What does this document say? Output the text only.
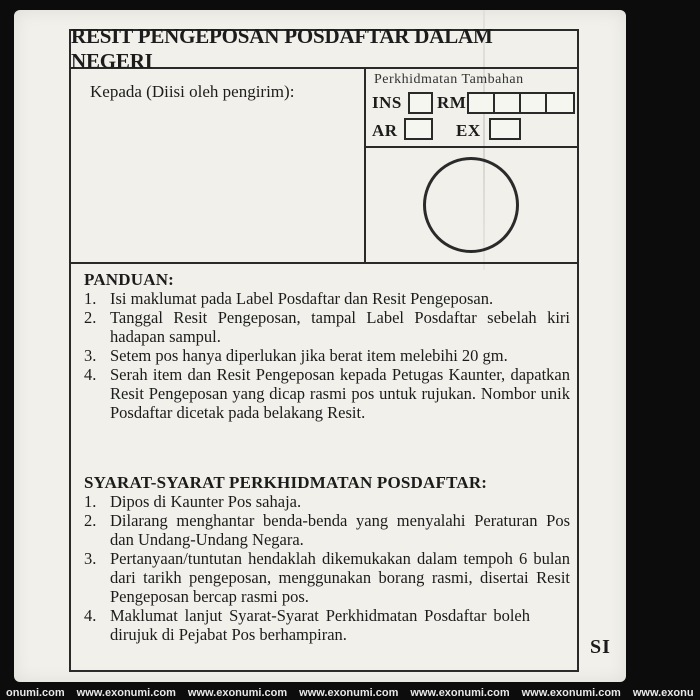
RESIT PENGEPOSAN POSDAFTAR DALAM NEGERI
Kepada (Diisi oleh pengirim):
Perkhidmatan Tambahan
INS RM
AR	EX
PANDUAN:
1. Isi maklumat pada Label Posdaftar dan Resit Pengeposan.
2. Tanggal Resit Pengeposan, tampal Label Posdaftar sebelah kiri hadapan sampul.
3. Setem pos hanya diperlukan jika berat item melebihi 20 gm.
4. Serah item dan Resit Pengeposan kepada Petugas Kaunter, dapatkan Resit Pengeposan yang dicap rasmi pos untuk rujukan. Nombor unik Posdaftar dicetak pada belakang Resit.
SYARAT-SYARAT PERKHIDMATAN POSDAFTAR:
1. Dipos di Kaunter Pos sahaja.
2. Dilarang menghantar benda-benda yang menyalahi Peraturan Pos dan Undang-Undang Negara.
3. Pertanyaan/tuntutan hendaklah dikemukakan dalam tempoh 6 bulan dari tarikh pengeposan, menggunakan borang rasmi, disertai Resit Pengeposan bercap rasmi pos.
4. Maklumat lanjut Syarat-Syarat Perkhidmatan Posdaftar boleh dirujuk di Pejabat Pos berhampiran.
SI
onumi.com	www.exonumi.com	www.exonumi.com	www.exonumi.com	www.exonumi.com	www.exonumi.com	www.exonu
